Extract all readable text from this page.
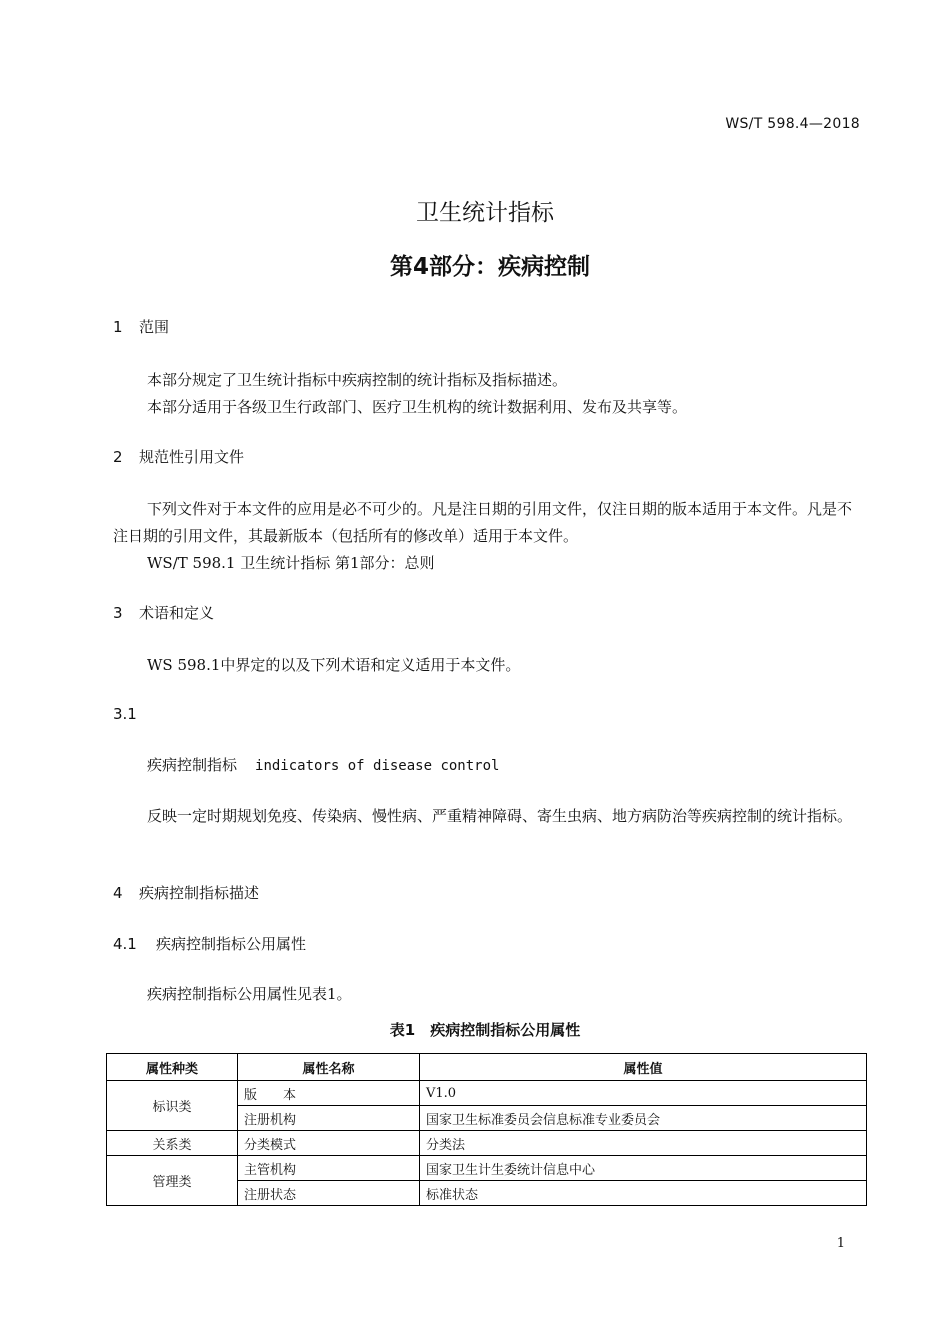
WS/T 598.4—2018
卫生统计指标
第4部分：疾病控制
1 范围
本部分规定了卫生统计指标中疾病控制的统计指标及指标描述。
本部分适用于各级卫生行政部门、医疗卫生机构的统计数据利用、发布及共享等。
2 规范性引用文件
下列文件对于本文件的应用是必不可少的。凡是注日期的引用文件，仅注日期的版本适用于本文件。凡是不注日期的引用文件，其最新版本（包括所有的修改单）适用于本文件。
WS/T 598.1 卫生统计指标 第1部分：总则
3 术语和定义
WS 598.1中界定的以及下列术语和定义适用于本文件。
3.1
疾病控制指标 indicators of disease control
反映一定时期规划免疫、传染病、慢性病、严重精神障碍、寄生虫病、地方病防治等疾病控制的统计指标。
4 疾病控制指标描述
4.1 疾病控制指标公用属性
疾病控制指标公用属性见表1。
表1　疾病控制指标公用属性
属性种类	属性名称	属性值
标识类	版　　本	V1.0
	注册机构	国家卫生标准委员会信息标准专业委员会
关系类	分类模式	分类法
管理类	主管机构	国家卫生计生委统计信息中心
	注册状态	标准状态
1
